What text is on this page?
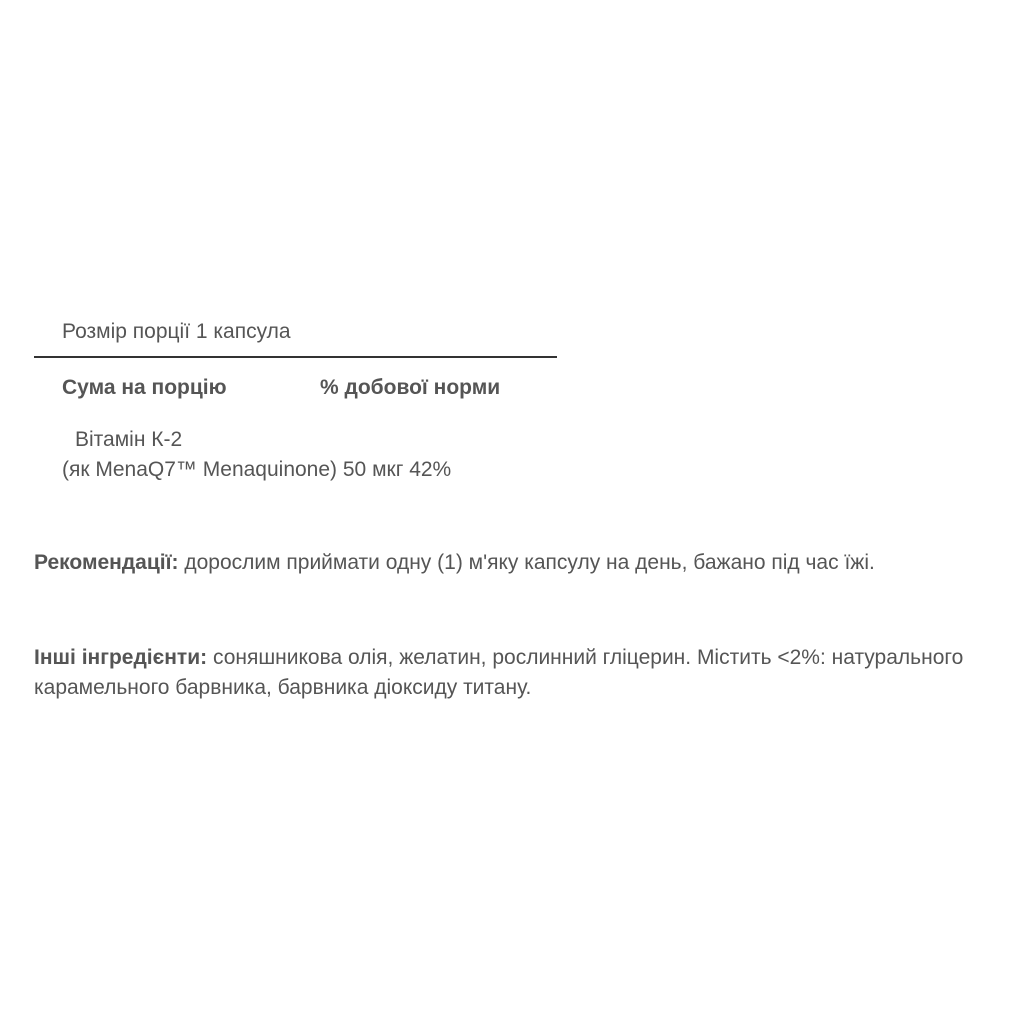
Розмір порції 1 капсула
Сума на порцію	% добової норми
Вітамін К-2
(як MenaQ7™ Menaquinone) 50 мкг 42%
Рекомендації: дорослим приймати одну (1) м'яку капсулу на день, бажано під час їжі.
Інші інгредієнти: соняшникова олія, желатин, рослинний гліцерин. Містить <2%: натурального карамельного барвника, барвника діоксиду титану.
